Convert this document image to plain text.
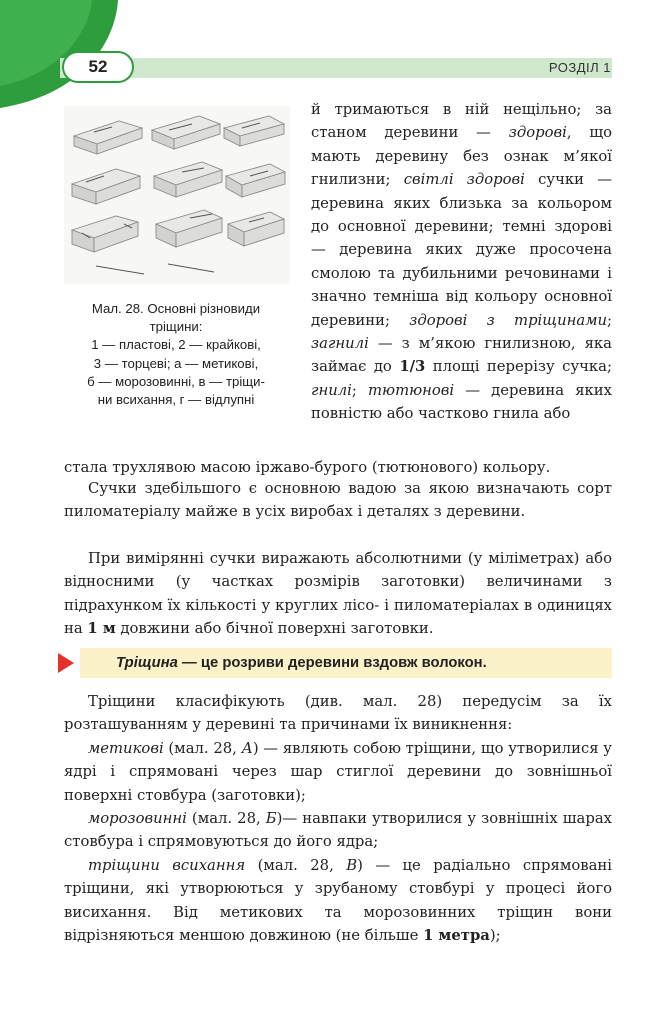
52	РОЗДІЛ 1
Мал. 28. Основні різновиди
тріщини:
1 — пластові, 2 — крайкові,
3 — торцеві; а — метикові,
б — морозовинні, в — тріщи-
ни всихання, г — відлупні
й тримаються в ній нещільно; за станом деревини — здорові, що мають деревину без ознак м’якої гнилизни; світлі здорові сучки — деревина яких близька за кольором до основної деревини; темні здорові — деревина яких дуже просочена смолою та дубильними речовинами і значно темніша від кольору основної деревини; здорові з тріщинами; загнилі — з м’якою гнилизною, яка займає до 1/3 площі перерізу сучка; гнилі; тютюнові — деревина яких повністю або частково гнила або
стала трухлявою масою іржаво-бурого (тютюнового) кольору.
Сучки здебільшого є основною вадою за якою визначають сорт пиломатеріалу майже в усіх виробах і деталях з деревини.
При вимірянні сучки виражають абсолютними (у міліметрах) або відносними (у частках розмірів заготовки) величинами з підрахунком їх кількості у круглих лісо- і пиломатеріалах в одиницях на 1 м довжини або бічної поверхні заготовки.
Тріщина — це розриви деревини вздовж волокон.
Тріщини класифікують (див. мал. 28) передусім за їх розташуванням у деревині та причинами їх виникнення:
метикові (мал. 28, А) — являють собою тріщини, що утворилися у ядрі і спрямовані через шар стиглої деревини до зовнішньої поверхні стовбура (заготовки);
морозовинні (мал. 28, Б)— навпаки утворилися у зовнішніх шарах стовбура і спрямовуються до його ядра;
тріщини всихання (мал. 28, В) — це радіально спрямовані тріщини, які утворюються у зрубаному стовбурі у процесі його висихання. Від метикових та морозовинних тріщин вони відрізняються меншою довжиною (не більше 1 метра);
